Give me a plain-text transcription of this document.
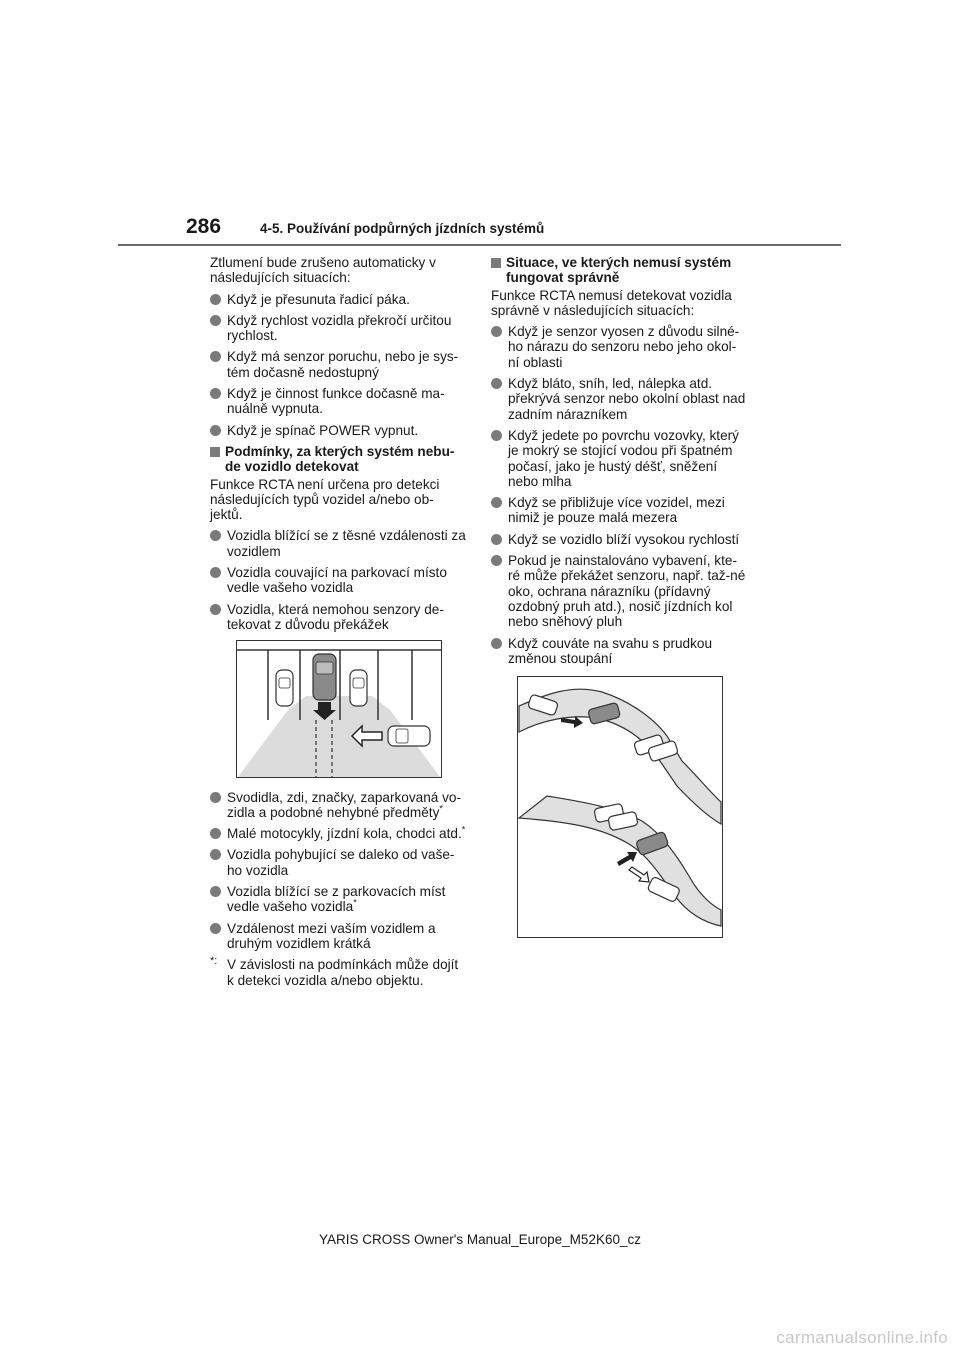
286	4-5. Používání podpůrných jízdních systémů

Ztlumení bude zrušeno automaticky v následujících situacích:

Když je přesunuta řadicí páka.
Když rychlost vozidla překročí určitou rychlost.
Když má senzor poruchu, nebo je sys-tém dočasně nedostupný
Když je činnost funkce dočasně ma-nuálně vypnuta.
Když je spínač POWER vypnut.
Podmínky, za kterých systém nebu-de vozidlo detekovat

Funkce RCTA není určena pro detekci následujících typů vozidel a/nebo ob-jektů.

Vozidla blížící se z těsné vzdálenosti za vozidlem
Vozidla couvající na parkovací místo vedle vašeho vozidla
Vozidla, která nemohou senzory de-tekovat z důvodu překážek
Svodidla, zdi, značky, zaparkovaná vo-zidla a podobné nehybné předměty*
Malé motocykly, jízdní kola, chodci atd.*
Vozidla pohybující se daleko od vaše-ho vozidla
Vozidla blížící se z parkovacích míst vedle vašeho vozidla*
Vzdálenost mezi vaším vozidlem a druhým vozidlem krátká
*: V závislosti na podmínkách může dojít k detekci vozidla a/nebo objektu.
Situace, ve kterých nemusí systém fungovat správně

Funkce RCTA nemusí detekovat vozidla správně v následujících situacích:

Když je senzor vyosen z důvodu silné-ho nárazu do senzoru nebo jeho okol-ní oblasti
Když bláto, sníh, led, nálepka atd. překrývá senzor nebo okolní oblast nad zadním nárazníkem
Když jedete po povrchu vozovky, který je mokrý se stojící vodou při špatném počasí, jako je hustý déšť, sněžení nebo mlha
Když se přibližuje více vozidel, mezi nimiž je pouze malá mezera
Když se vozidlo blíží vysokou rychlostí
Pokud je nainstalováno vybavení, kte-ré může překážet senzoru, např. taž-né oko, ochrana nárazníku (přídavný ozdobný pruh atd.), nosič jízdních kol nebo sněhový pluh
Když couváte na svahu s prudkou změnou stoupání
YARIS CROSS Owner's Manual_Europe_M52K60_cz
carmanualsonline.info
